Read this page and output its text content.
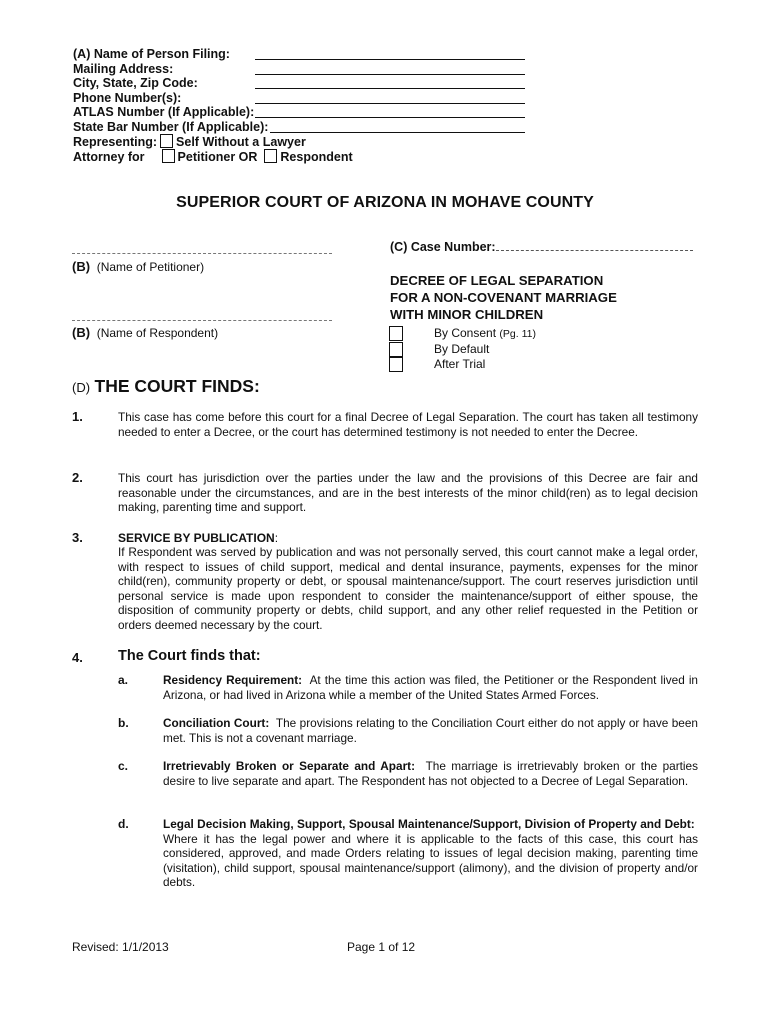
(A) Name of Person Filing:
Mailing Address:
City, State, Zip Code:
Phone Number(s):
ATLAS Number (If Applicable):
State Bar Number (If Applicable):
Representing: Self Without a Lawyer
Attorney for	Petitioner OR Respondent
SUPERIOR COURT OF ARIZONA IN MOHAVE COUNTY
(B) (Name of Petitioner)
(C) Case Number:
DECREE OF LEGAL SEPARATION
FOR A NON-COVENANT MARRIAGE
WITH MINOR CHILDREN
(B) (Name of Respondent)	By Consent (Pg. 11)
By Default
After Trial
(D) THE COURT FINDS:
1.	This case has come before this court for a final Decree of Legal Separation. The court has taken all testimony needed to enter a Decree, or the court has determined testimony is not needed to enter the Decree.
2.	This court has jurisdiction over the parties under the law and the provisions of this Decree are fair and reasonable under the circumstances, and are in the best interests of the minor child(ren) as to legal decision making, parenting time and support.
3.	SERVICE BY PUBLICATION:
If Respondent was served by publication and was not personally served, this court cannot make a legal order, with respect to issues of child support, medical and dental insurance, payments, expenses for the minor child(ren), community property or debt, or spousal maintenance/support. The court reserves jurisdiction until personal service is made upon respondent to consider the maintenance/support of either spouse, the disposition of community property or debts, child support, and any other relief requested in the Petition or orders deemed necessary by the court.
4. The Court finds that:
a.	Residency Requirement: At the time this action was filed, the Petitioner or the Respondent lived in Arizona, or had lived in Arizona while a member of the United States Armed Forces.
b.	Conciliation Court: The provisions relating to the Conciliation Court either do not apply or have been met. This is not a covenant marriage.
c.	Irretrievably Broken or Separate and Apart: The marriage is irretrievably broken or the parties desire to live separate and apart. The Respondent has not objected to a Decree of Legal Separation.
d.	Legal Decision Making, Support, Spousal Maintenance/Support, Division of Property and Debt:  Where it has the legal power and where it is applicable to the facts of this case, this court has considered, approved, and made Orders relating to issues of legal decision making, parenting time (visitation), child support, spousal maintenance/support (alimony), and the division of property and/or debts.
Revised: 1/1/2013	Page 1 of 12
